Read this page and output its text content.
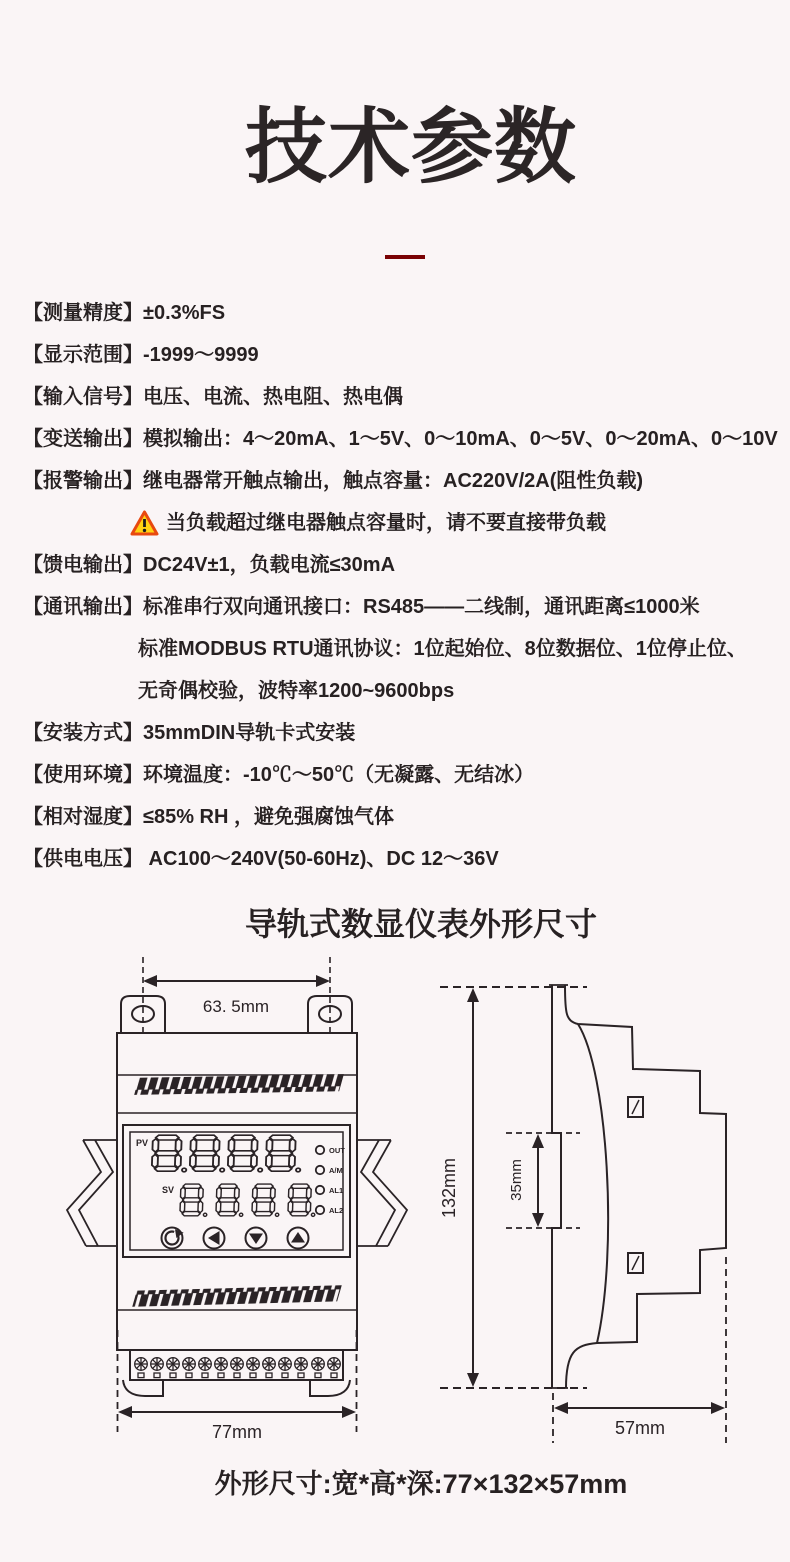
技术参数
【测量精度】±0.3%FS
【显示范围】-1999～9999
【输入信号】电压、电流、热电阻、热电偶
【变送输出】模拟输出：4～20mA、1～5V、0～10mA、0～5V、0～20mA、0～10V
【报警输出】继电器常开触点输出，触点容量：AC220V/2A(阻性负载)
当负载超过继电器触点容量时，请不要直接带负载
【馈电输出】DC24V±1，负载电流≤30mA
【通讯输出】标准串行双向通讯接口：RS485——二线制，通讯距离≤1000米
标准MODBUS RTU通讯协议：1位起始位、8位数据位、1位停止位、
无奇偶校验，波特率1200~9600bps
【安装方式】35mmDIN导轨卡式安装
【使用环境】环境温度：-10℃～50℃（无凝露、无结冰）
【相对湿度】≤85% RH ，避免强腐蚀气体
【供电电压】 AC100～240V(50-60Hz)、DC 12～36V
导轨式数显仪表外形尺寸
63. 5mm
PV
OUT
A/M
AL1
AL2
SV
77mm
132mm	35mm
57mm
外形尺寸:宽*高*深:77×132×57mm
